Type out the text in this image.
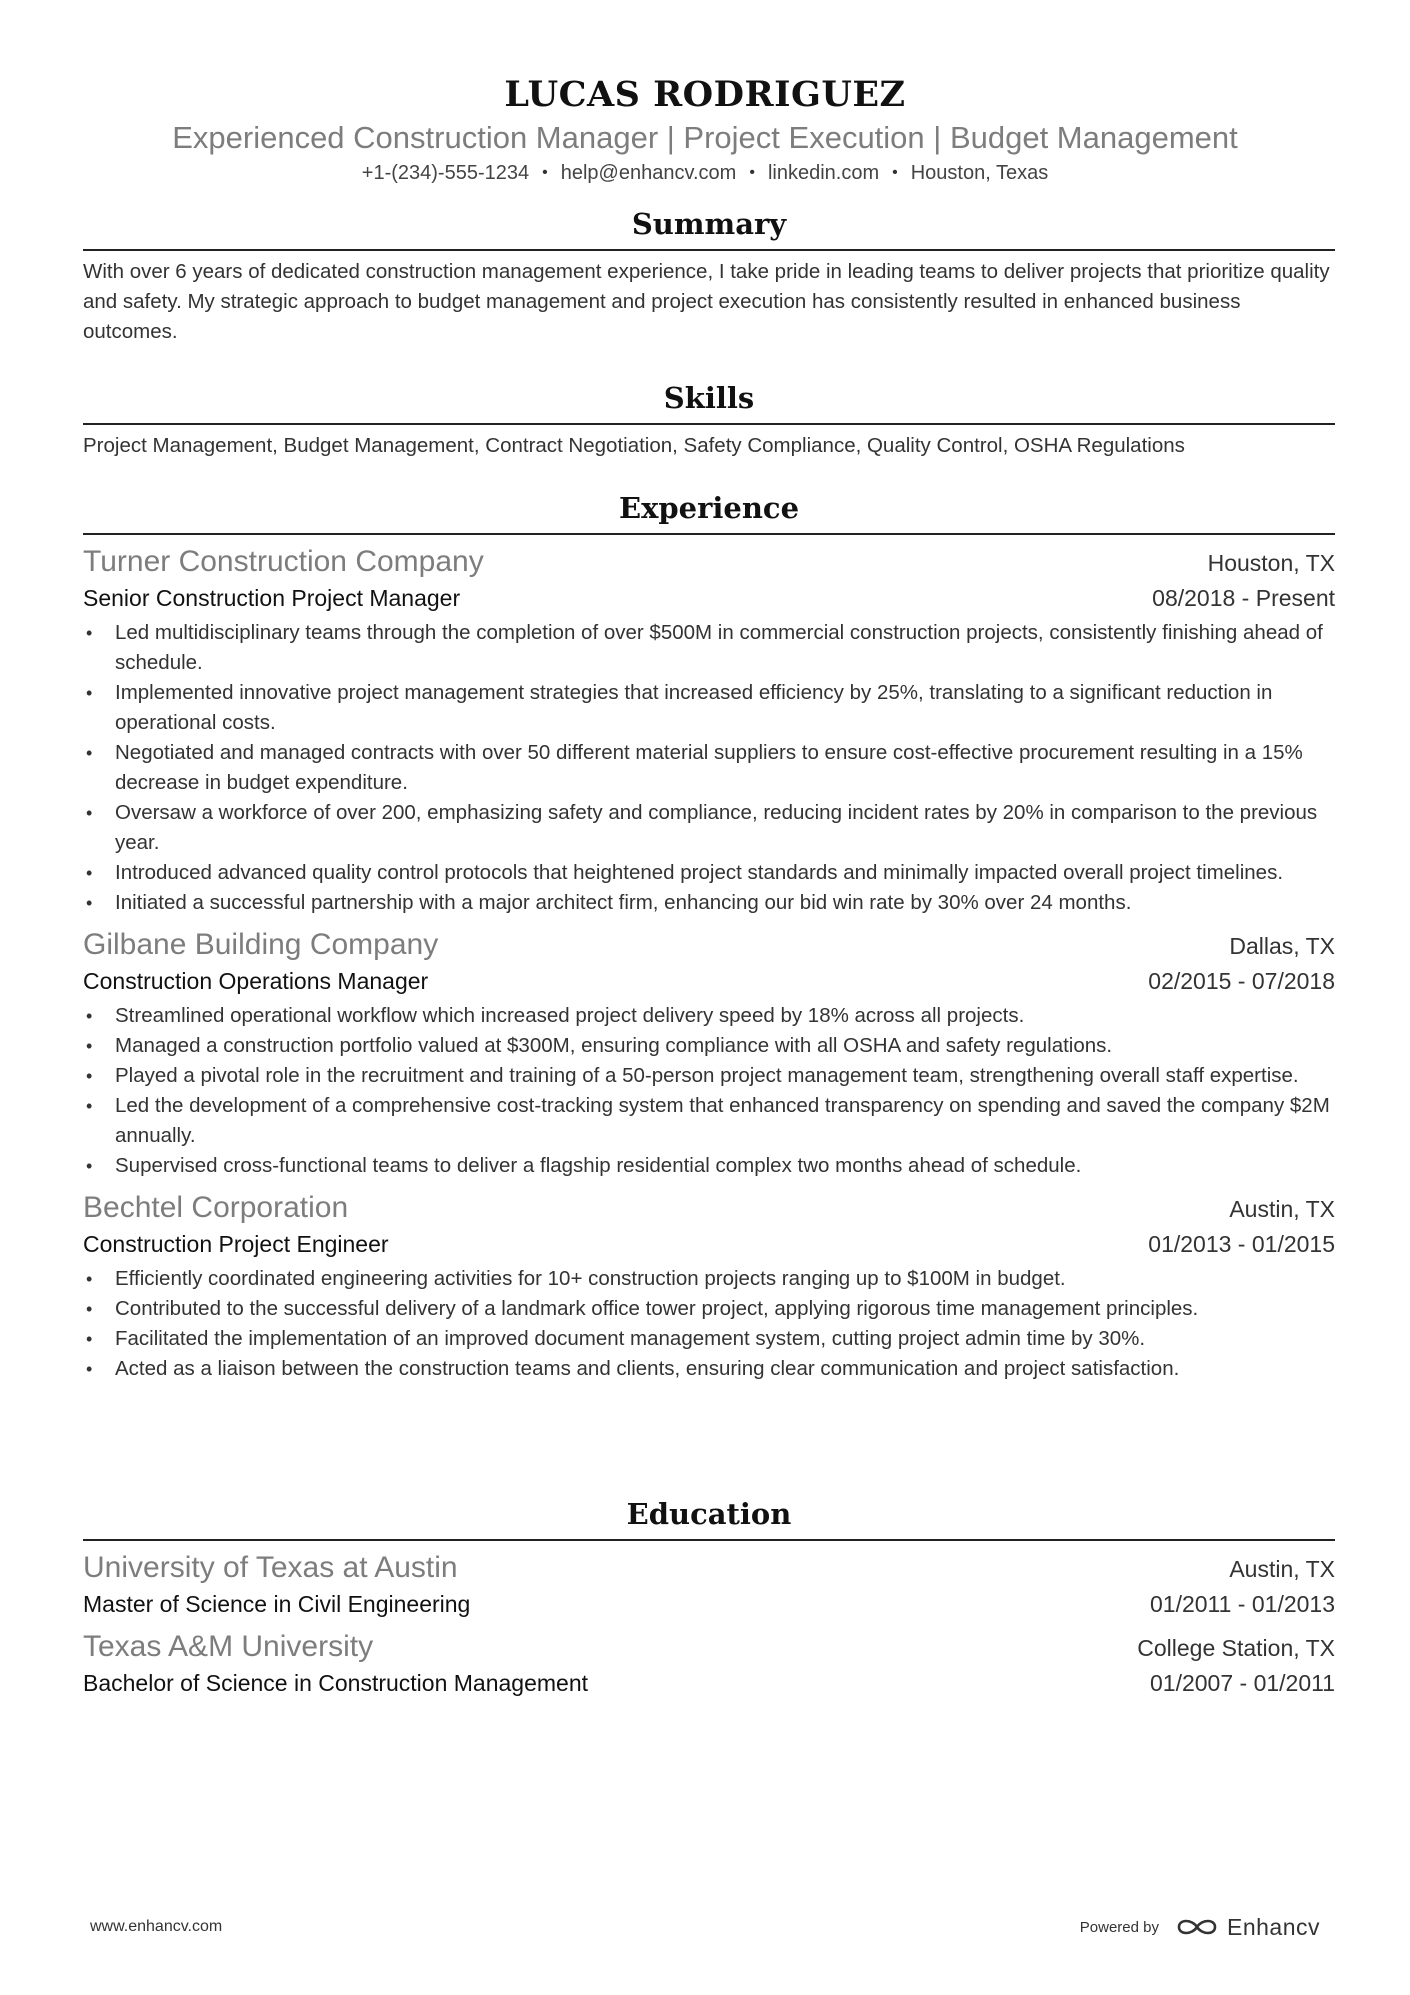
LUCAS RODRIGUEZ
Experienced Construction Manager | Project Execution | Budget Management
+1-(234)-555-1234 • help@enhancv.com • linkedin.com • Houston, Texas
Summary
With over 6 years of dedicated construction management experience, I take pride in leading teams to deliver projects that prioritize quality and safety. My strategic approach to budget management and project execution has consistently resulted in enhanced business outcomes.
Skills
Project Management, Budget Management, Contract Negotiation, Safety Compliance, Quality Control, OSHA Regulations
Experience
Turner Construction Company	Houston, TX
Senior Construction Project Manager	08/2018 - Present
• Led multidisciplinary teams through the completion of over $500M in commercial construction projects, consistently finishing ahead of schedule.
• Implemented innovative project management strategies that increased efficiency by 25%, translating to a significant reduction in operational costs.
• Negotiated and managed contracts with over 50 different material suppliers to ensure cost-effective procurement resulting in a 15% decrease in budget expenditure.
• Oversaw a workforce of over 200, emphasizing safety and compliance, reducing incident rates by 20% in comparison to the previous year.
• Introduced advanced quality control protocols that heightened project standards and minimally impacted overall project timelines.
• Initiated a successful partnership with a major architect firm, enhancing our bid win rate by 30% over 24 months.
Gilbane Building Company	Dallas, TX
Construction Operations Manager	02/2015 - 07/2018
• Streamlined operational workflow which increased project delivery speed by 18% across all projects.
• Managed a construction portfolio valued at $300M, ensuring compliance with all OSHA and safety regulations.
• Played a pivotal role in the recruitment and training of a 50-person project management team, strengthening overall staff expertise.
• Led the development of a comprehensive cost-tracking system that enhanced transparency on spending and saved the company $2M annually.
• Supervised cross-functional teams to deliver a flagship residential complex two months ahead of schedule.
Bechtel Corporation	Austin, TX
Construction Project Engineer	01/2013 - 01/2015
• Efficiently coordinated engineering activities for 10+ construction projects ranging up to $100M in budget.
• Contributed to the successful delivery of a landmark office tower project, applying rigorous time management principles.
• Facilitated the implementation of an improved document management system, cutting project admin time by 30%.
• Acted as a liaison between the construction teams and clients, ensuring clear communication and project satisfaction.
Education
University of Texas at Austin	Austin, TX
Master of Science in Civil Engineering	01/2011 - 01/2013
Texas A&M University	College Station, TX
Bachelor of Science in Construction Management	01/2007 - 01/2011
www.enhancv.com	Powered by	Enhancv
